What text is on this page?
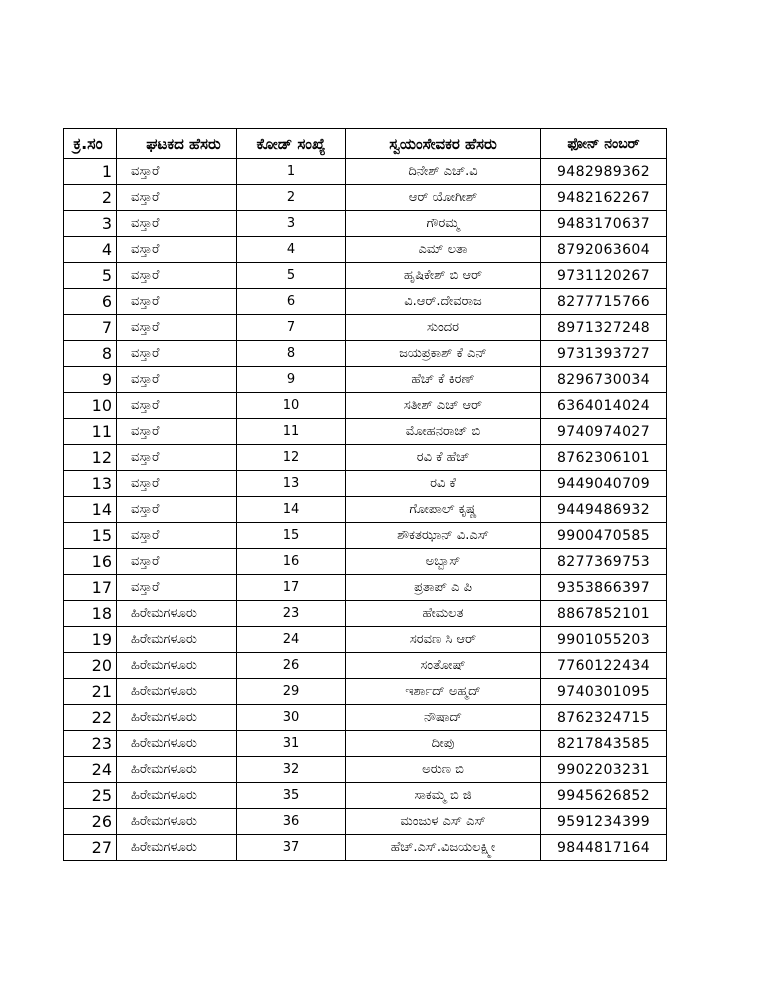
ಕ್ರ.ಸಂ	ಘಟಕದ ಹೆಸರು	ಕೋಡ್ ಸಂಖ್ಯೆ	ಸ್ವಯಂಸೇವಕರ ಹೆಸರು	ಫೋನ್ ನಂಬರ್
1	ವಸ್ತಾರೆ	1	ದಿನೇಶ್ ಎಚ್.ವಿ	9482989362
2	ವಸ್ತಾರೆ	2	ಆರ್ ಯೋಗೀಶ್	9482162267
3	ವಸ್ತಾರೆ	3	ಗೌರಮ್ಮ	9483170637
4	ವಸ್ತಾರೆ	4	ಎಮ್ ಲತಾ	8792063604
5	ವಸ್ತಾರೆ	5	ಹೃಷಿಕೇಶ್ ಬಿ ಆರ್	9731120267
6	ವಸ್ತಾರೆ	6	ವಿ.ಆರ್.ದೇವರಾಜ	8277715766
7	ವಸ್ತಾರೆ	7	ಸುಂದರ	8971327248
8	ವಸ್ತಾರೆ	8	ಜಯಪ್ರಕಾಶ್ ಕೆ ಎನ್	9731393727
9	ವಸ್ತಾರೆ	9	ಹೆಚ್ ಕೆ ಕಿರಣ್	8296730034
10	ವಸ್ತಾರೆ	10	ಸತೀಶ್ ಎಚ್ ಆರ್	6364014024
11	ವಸ್ತಾರೆ	11	ಮೋಹನರಾಜ್ ಬಿ	9740974027
12	ವಸ್ತಾರೆ	12	ರವಿ ಕೆ ಹೆಚ್	8762306101
13	ವಸ್ತಾರೆ	13	ರವಿ ಕೆ	9449040709
14	ವಸ್ತಾರೆ	14	ಗೋಪಾಲ್ ಕೃಷ್ಣ	9449486932
15	ವಸ್ತಾರೆ	15	ಶೌಕತಝಾನ್ ವಿ.ಎಸ್	9900470585
16	ವಸ್ತಾರೆ	16	ಅಬ್ಬಾಸ್	8277369753
17	ವಸ್ತಾರೆ	17	ಪ್ರತಾಪ್ ಎ ಪಿ	9353866397
18	ಹಿರೇಮಗಳೂರು	23	ಹೇಮಲತ	8867852101
19	ಹಿರೇಮಗಳೂರು	24	ಸರವಣ ಸಿ ಆರ್	9901055203
20	ಹಿರೇಮಗಳೂರು	26	ಸಂತೋಷ್	7760122434
21	ಹಿರೇಮಗಳೂರು	29	ಇರ್ಶಾದ್ ಅಹ್ಮದ್	9740301095
22	ಹಿರೇಮಗಳೂರು	30	ನೌಷಾದ್	8762324715
23	ಹಿರೇಮಗಳೂರು	31	ದೀಪು	8217843585
24	ಹಿರೇಮಗಳೂರು	32	ಅರುಣ ಬಿ	9902203231
25	ಹಿರೇಮಗಳೂರು	35	ಸಾಕಮ್ಮ ಬಿ ಜಿ	9945626852
26	ಹಿರೇಮಗಳೂರು	36	ಮಂಜುಳ ಎಸ್ ಎಸ್	9591234399
27	ಹಿರೇಮಗಳೂರು	37	ಹೆಚ್.ಎಸ್.ವಿಜಯಲಕ್ಷ್ಮೀ	9844817164
